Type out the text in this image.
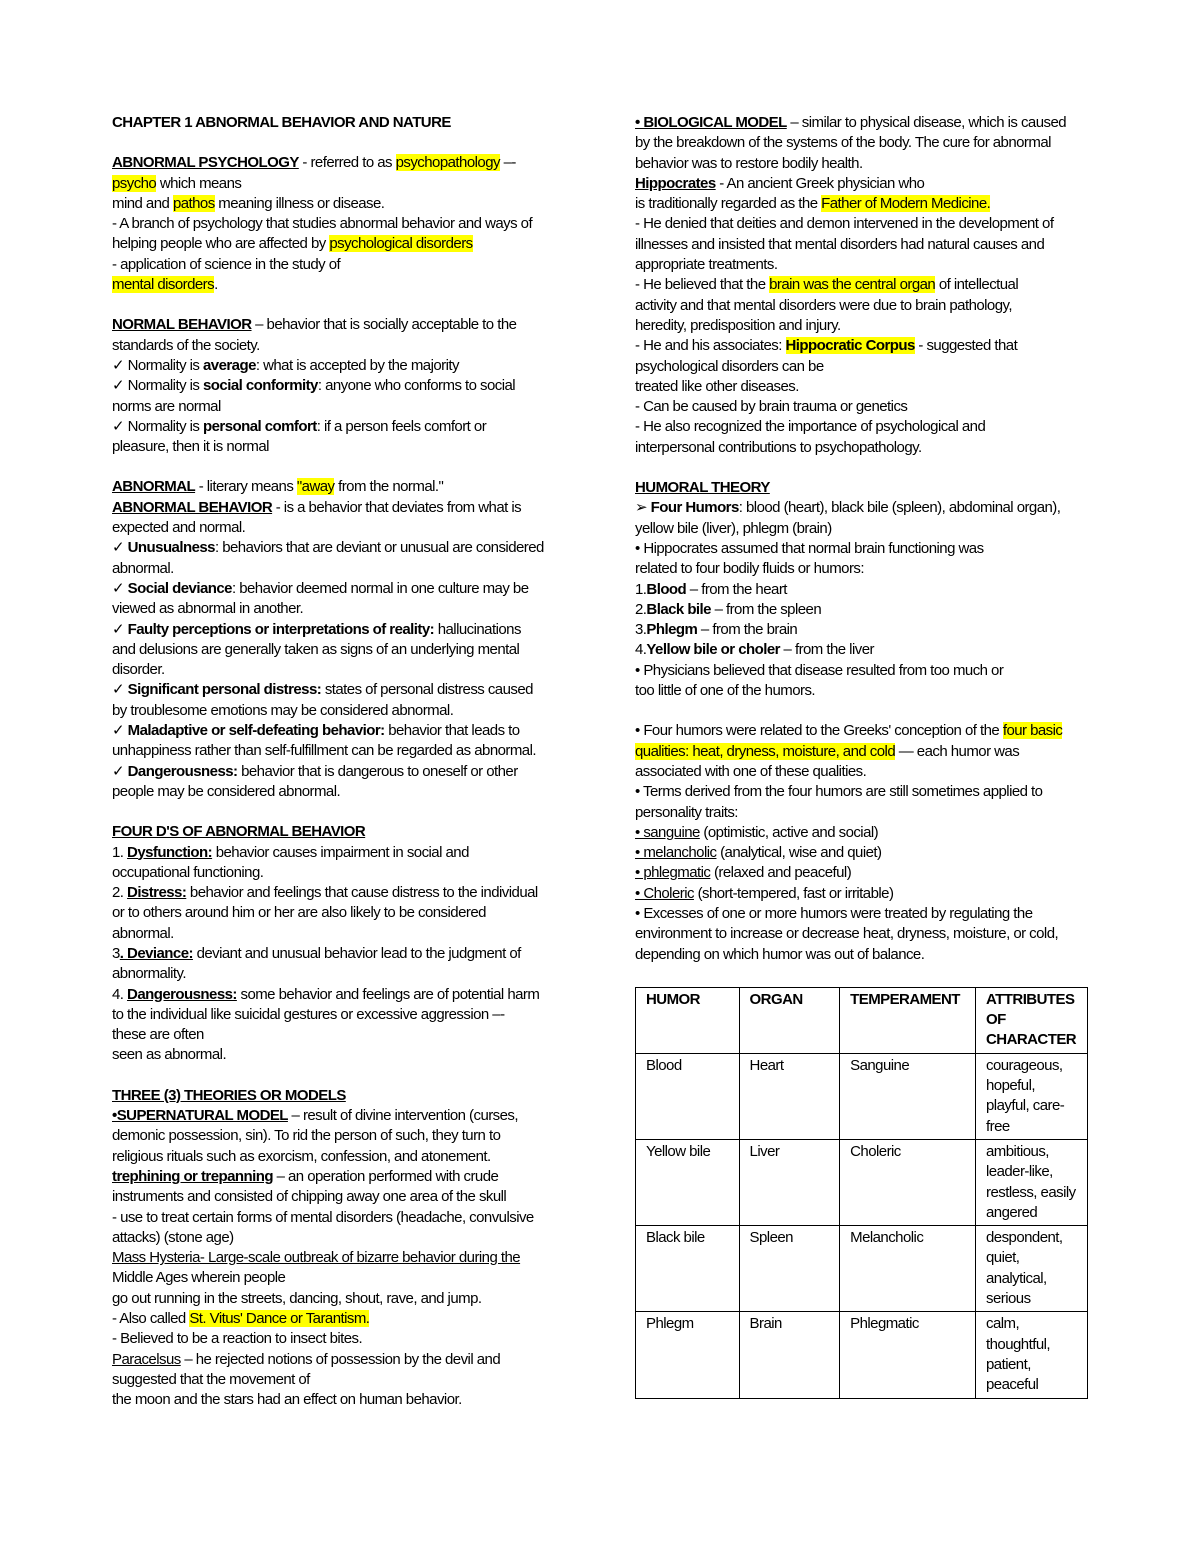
CHAPTER 1 ABNORMAL BEHAVIOR AND NATURE

ABNORMAL PSYCHOLOGY - referred to as psychopathology –-

psycho which means

mind and pathos meaning illness or disease.

- A branch of psychology that studies abnormal behavior and ways of

helping people who are affected by psychological disorders

- application of science in the study of

mental disorders.

NORMAL BEHAVIOR – behavior that is socially acceptable to the

standards of the society.

✓ Normality is average: what is accepted by the majority

✓ Normality is social conformity: anyone who conforms to social

norms are normal

✓ Normality is personal comfort: if a person feels comfort or

pleasure, then it is normal

ABNORMAL - literary means "away from the normal."

ABNORMAL BEHAVIOR - is a behavior that deviates from what is

expected and normal.

✓ Unusualness: behaviors that are deviant or unusual are considered

abnormal.

✓ Social deviance: behavior deemed normal in one culture may be

viewed as abnormal in another.

✓ Faulty perceptions or interpretations of reality: hallucinations

and delusions are generally taken as signs of an underlying mental

disorder.

✓ Significant personal distress: states of personal distress caused

by troublesome emotions may be considered abnormal.

✓ Maladaptive or self-defeating behavior: behavior that leads to

unhappiness rather than self-fulfillment can be regarded as abnormal.

✓ Dangerousness: behavior that is dangerous to oneself or other

people may be considered abnormal.

FOUR D'S OF ABNORMAL BEHAVIOR

1. Dysfunction: behavior causes impairment in social and

occupational functioning.

2. Distress: behavior and feelings that cause distress to the individual

or to others around him or her are also likely to be considered

abnormal.

3. Deviance: deviant and unusual behavior lead to the judgment of

abnormality.

4. Dangerousness: some behavior and feelings are of potential harm

to the individual like suicidal gestures or excessive aggression –-

these are often

seen as abnormal.

THREE (3) THEORIES OR MODELS

•SUPERNATURAL MODEL – result of divine intervention (curses,

demonic possession, sin). To rid the person of such, they turn to

religious rituals such as exorcism, confession, and atonement.

trephining or trepanning – an operation performed with crude

instruments and consisted of chipping away one area of the skull

- use to treat certain forms of mental disorders (headache, convulsive

attacks) (stone age)

Mass Hysteria- Large-scale outbreak of bizarre behavior during the

Middle Ages wherein people

go out running in the streets, dancing, shout, rave, and jump.

- Also called St. Vitus' Dance or Tarantism.

- Believed to be a reaction to insect bites.

Paracelsus – he rejected notions of possession by the devil and

suggested that the movement of

the moon and the stars had an effect on human behavior.

• BIOLOGICAL MODEL – similar to physical disease, which is caused

by the breakdown of the systems of the body. The cure for abnormal

behavior was to restore bodily health.

Hippocrates - An ancient Greek physician who

is traditionally regarded as the Father of Modern Medicine.

- He denied that deities and demon intervened in the development of

illnesses and insisted that mental disorders had natural causes and

appropriate treatments.

- He believed that the brain was the central organ of intellectual

activity and that mental disorders were due to brain pathology,

heredity, predisposition and injury.

- He and his associates: Hippocratic Corpus - suggested that

psychological disorders can be

treated like other diseases.

- Can be caused by brain trauma or genetics

- He also recognized the importance of psychological and

interpersonal contributions to psychopathology.

HUMORAL THEORY

➢ Four Humors: blood (heart), black bile (spleen), abdominal organ),

yellow bile (liver), phlegm (brain)

• Hippocrates assumed that normal brain functioning was

related to four bodily fluids or humors:

1.Blood – from the heart

2.Black bile – from the spleen

3.Phlegm – from the brain

4.Yellow bile or choler – from the liver

• Physicians believed that disease resulted from too much or

too little of one of the humors.

• Four humors were related to the Greeks' conception of the four basic

qualities: heat, dryness, moisture, and cold — each humor was

associated with one of these qualities.

• Terms derived from the four humors are still sometimes applied to

personality traits:

• sanguine (optimistic, active and social)

• melancholic (analytical, wise and quiet)

• phlegmatic (relaxed and peaceful)

• Choleric (short-tempered, fast or irritable)

• Excesses of one or more humors were treated by regulating the

environment to increase or decrease heat, dryness, moisture, or cold,

depending on which humor was out of balance.

HUMOR	ORGAN	TEMPERAMENT	ATTRIBUTES OF CHARACTER
Blood	Heart	Sanguine	courageous, hopeful, playful, care-free
Yellow bile	Liver	Choleric	ambitious, leader-like, restless, easily angered
Black bile	Spleen	Melancholic	despondent, quiet, analytical, serious
Phlegm	Brain	Phlegmatic	calm, thoughtful, patient, peaceful
